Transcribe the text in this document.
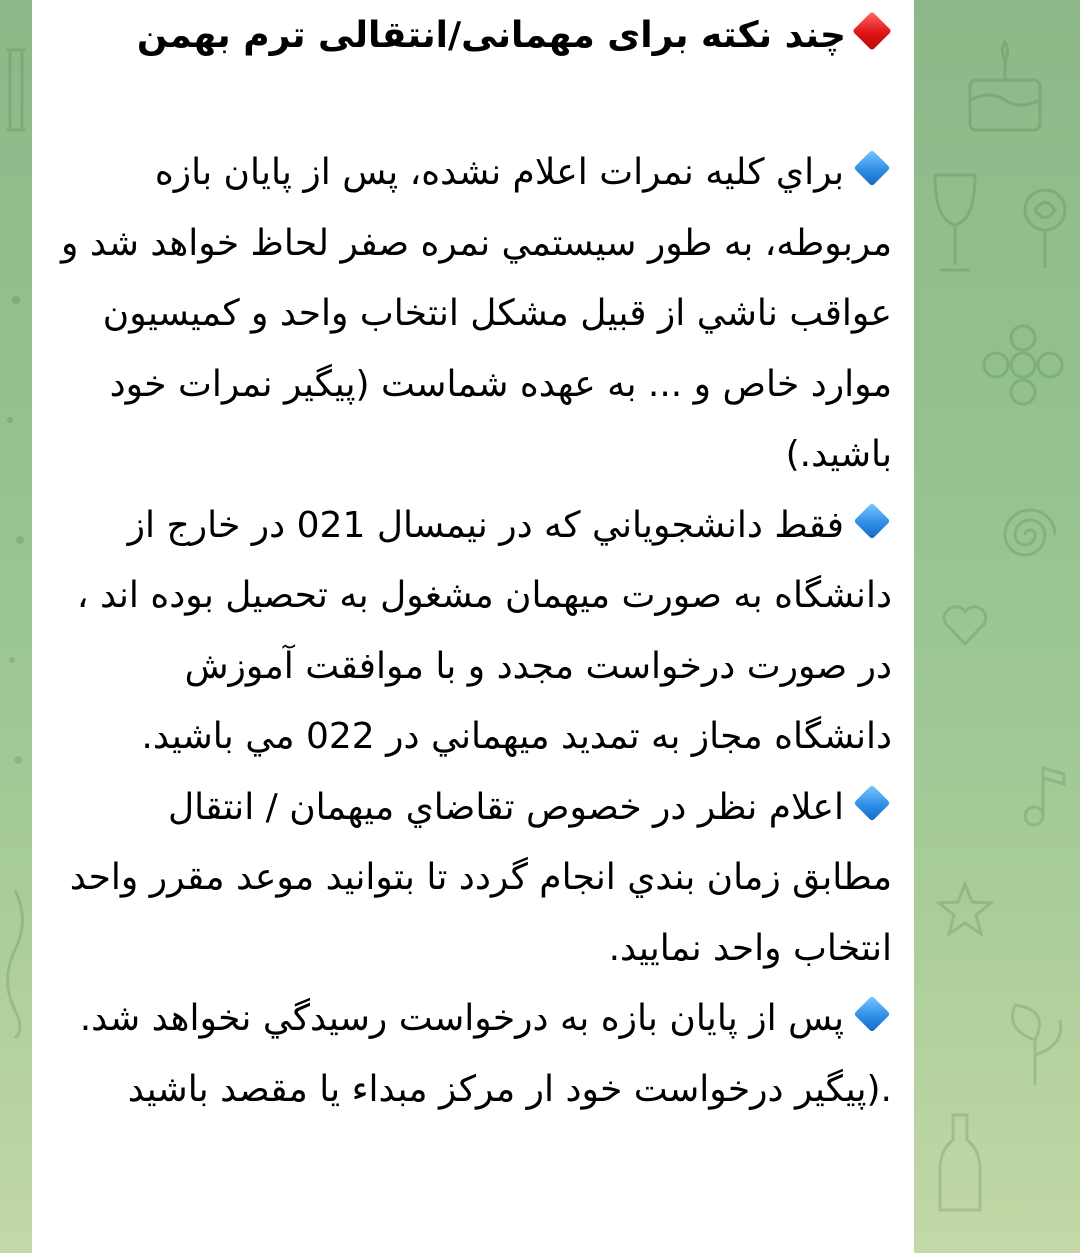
چند نکته برای مهمانی/انتقالی ترم بهمن
براي كليه نمرات اعلام نشده، پس از پايان بازه مربوطه، به طور سيستمي نمره صفر لحاظ خواهد شد و عواقب ناشي از قبيل مشكل انتخاب واحد و كميسيون موارد خاص و ... به عهده شماست (پيگير نمرات خود باشيد.)
فقط دانشجوياني كه در نيمسال 021 در خارج از دانشگاه به صورت ميهمان مشغول به تحصيل بوده اند ، در صورت درخواست مجدد و با موافقت آموزش دانشگاه مجاز به تمديد ميهماني در 022 مي باشيد.
اعلام نظر در خصوص تقاضاي ميهمان / انتقال مطابق زمان بندي انجام گردد تا بتوانيد موعد مقرر واحد انتخاب واحد نماييد.
پس از پايان بازه به درخواست رسيدگي نخواهد شد. .(پیگیر درخواست خود ار مرکز مبداء یا مقصد باشید
